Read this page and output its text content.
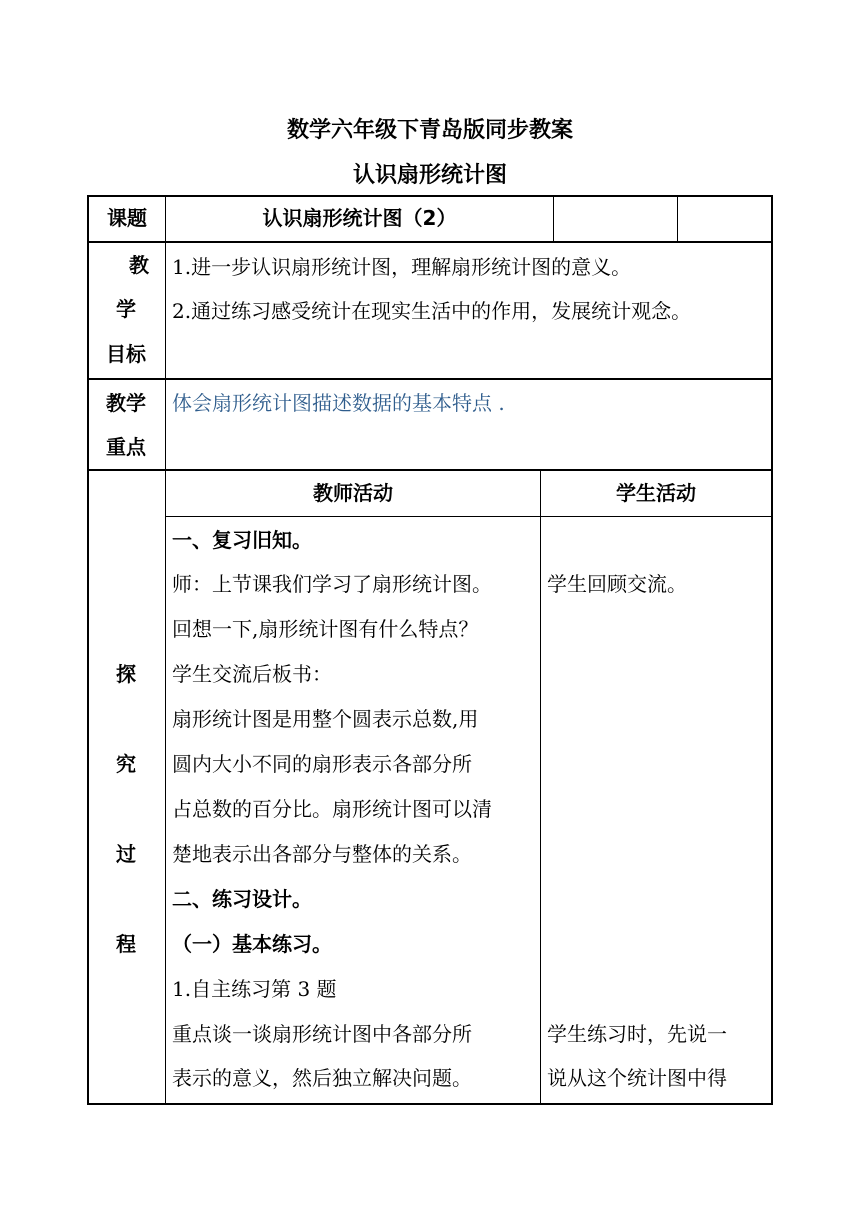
数学六年级下青岛版同步教案
认识扇形统计图
课题	认识扇形统计图（2）
教
学
目标
1.进一步认识扇形统计图，理解扇形统计图的意义。
2.通过练习感受统计在现实生活中的作用，发展统计观念。
教学
重点
体会扇形统计图描述数据的基本特点 .
探
究
过
程
教师活动	学生活动
一、复习旧知。
师：上节课我们学习了扇形统计图。
回想一下,扇形统计图有什么特点？
学生交流后板书：
扇形统计图是用整个圆表示总数,用
圆内大小不同的扇形表示各部分所
占总数的百分比。扇形统计图可以清
楚地表示出各部分与整体的关系。
二、练习设计。
（一）基本练习。
1.自主练习第 3 题
重点谈一谈扇形统计图中各部分所
表示的意义，然后独立解决问题。
学生回顾交流。
学生练习时，先说一
说从这个统计图中得
